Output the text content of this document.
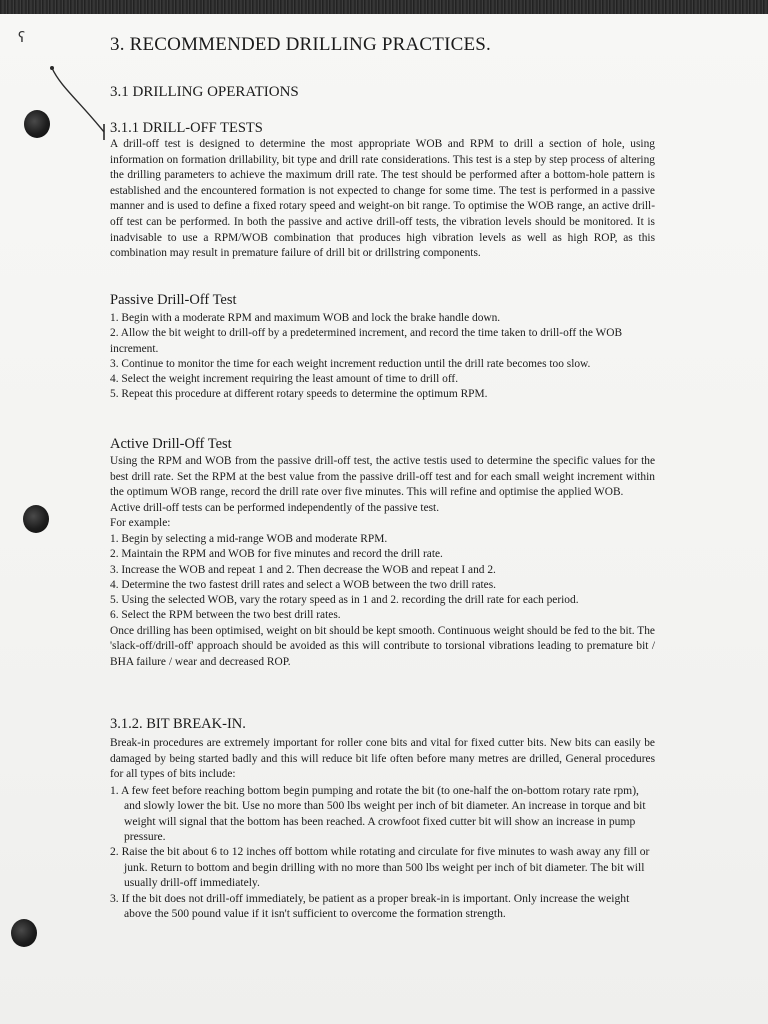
ʕ	3. RECOMMENDED DRILLING PRACTICES.
3.1 DRILLING OPERATIONS
3.1.1 DRILL-OFF TESTS

A drill-off test is designed to determine the most appropriate WOB and RPM to drill a section of hole, using information on formation drillability, bit type and drill rate considerations. This test is a step by step process of altering the drilling parameters to achieve the maximum drill rate. The test should be performed after a bottom-hole pattern is established and the encountered formation is not expected to change for some time. The test is performed in a passive manner and is used to define a fixed rotary speed and weight-on bit range. To optimise the WOB range, an active drill-off test can be performed. In both the passive and active drill-off tests, the vibration levels should be monitored. It is inadvisable to use a RPM/WOB combination that produces high vibration levels as well as high ROP, as this combination may result in premature failure of drill bit or drillstring components.

Passive Drill-Off Test
1. Begin with a moderate RPM and maximum WOB and lock the brake handle down.
2. Allow the bit weight to drill-off by a predetermined increment, and record the time taken to drill-off the WOB increment.
3. Continue to monitor the time for each weight increment reduction until the drill rate becomes too slow.
4. Select the weight increment requiring the least amount of time to drill off.
5. Repeat this procedure at different rotary speeds to determine the optimum RPM.
Active Drill-Off Test

Using the RPM and WOB from the passive drill-off test, the active testis used to determine the specific values for the best drill rate. Set the RPM at the best value from the passive drill-off test and for each small weight increment within the optimum WOB range, record the drill rate over five minutes. This will refine and optimise the applied WOB.

Active drill-off tests can be performed independently of the passive test.

For example:

1. Begin by selecting a mid-range WOB and moderate RPM.
2. Maintain the RPM and WOB for five minutes and record the drill rate.
3. Increase the WOB and repeat 1 and 2. Then decrease the WOB and repeat I and 2.
4. Determine the two fastest drill rates and select a WOB between the two drill rates.
5. Using the selected WOB, vary the rotary speed as in 1 and 2. recording the drill rate for each period.
6. Select the RPM between the two best drill rates.

Once drilling has been optimised, weight on bit should be kept smooth. Continuous weight should be fed to the bit. The 'slack-off/drill-off' approach should be avoided as this will contribute to torsional vibrations leading to premature bit / BHA failure / wear and decreased ROP.

3.1.2. BIT BREAK-IN.

Break-in procedures are extremely important for roller cone bits and vital for fixed cutter bits. New bits can easily be damaged by being started badly and this will reduce bit life often before many metres are drilled, General procedures for all types of bits include:

1. A few feet before reaching bottom begin pumping and rotate the bit (to one-half the on-bottom rotary rate rpm), and slowly lower the bit. Use no more than 500 lbs weight per inch of bit diameter. An increase in torque and bit weight will signal that the bottom has been reached. A crowfoot fixed cutter bit will show an increase in pump pressure.
2. Raise the bit about 6 to 12 inches off bottom while rotating and circulate for five minutes to wash away any fill or junk. Return to bottom and begin drilling with no more than 500 lbs weight per inch of bit diameter. The bit will usually drill-off immediately.
3. If the bit does not drill-off immediately, be patient as a proper break-in is important. Only increase the weight above the 500 pound value if it isn't sufficient to overcome the formation strength.
